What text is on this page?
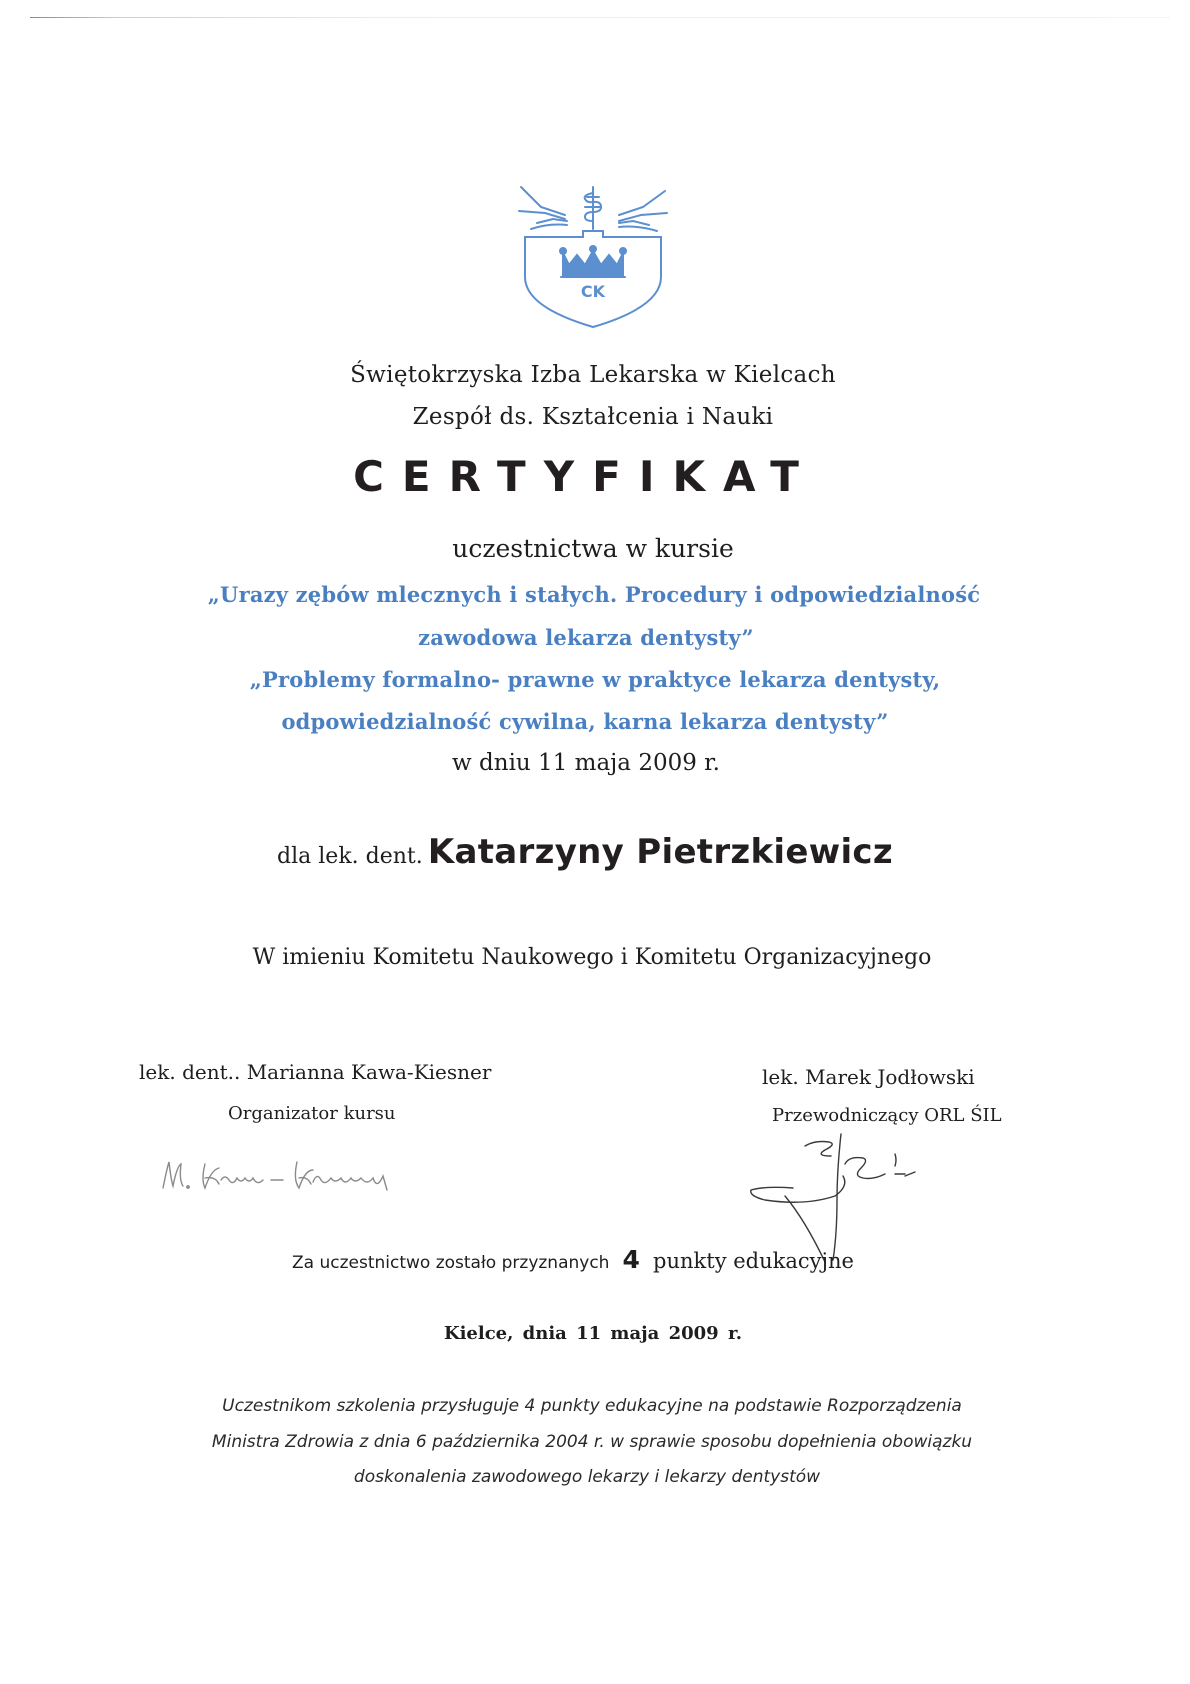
CK
Świętokrzyska Izba Lekarska w Kielcach
Zespół ds. Kształcenia i Nauki
CERTYFIKAT
uczestnictwa w kursie
„Urazy zębów mlecznych i stałych. Procedury i odpowiedzialność
zawodowa lekarza dentysty”
„Problemy formalno- prawne w praktyce lekarza dentysty,
odpowiedzialność cywilna, karna lekarza dentysty”
w dniu 11 maja 2009 r.
dla lek. dent. Katarzyny Pietrzkiewicz
W imieniu Komitetu Naukowego i Komitetu Organizacyjnego
lek. dent.. Marianna Kawa-Kiesner
Organizator kursu
lek. Marek Jodłowski
Przewodniczący ORL ŚIL
Za uczestnictwo zostało przyznanych 4 punkty edukacyjne
Kielce, dnia 11 maja 2009 r.
Uczestnikom szkolenia przysługuje 4 punkty edukacyjne na podstawie Rozporządzenia
Ministra Zdrowia z dnia 6 października 2004 r. w sprawie sposobu dopełnienia obowiązku
doskonalenia zawodowego lekarzy i lekarzy dentystów
